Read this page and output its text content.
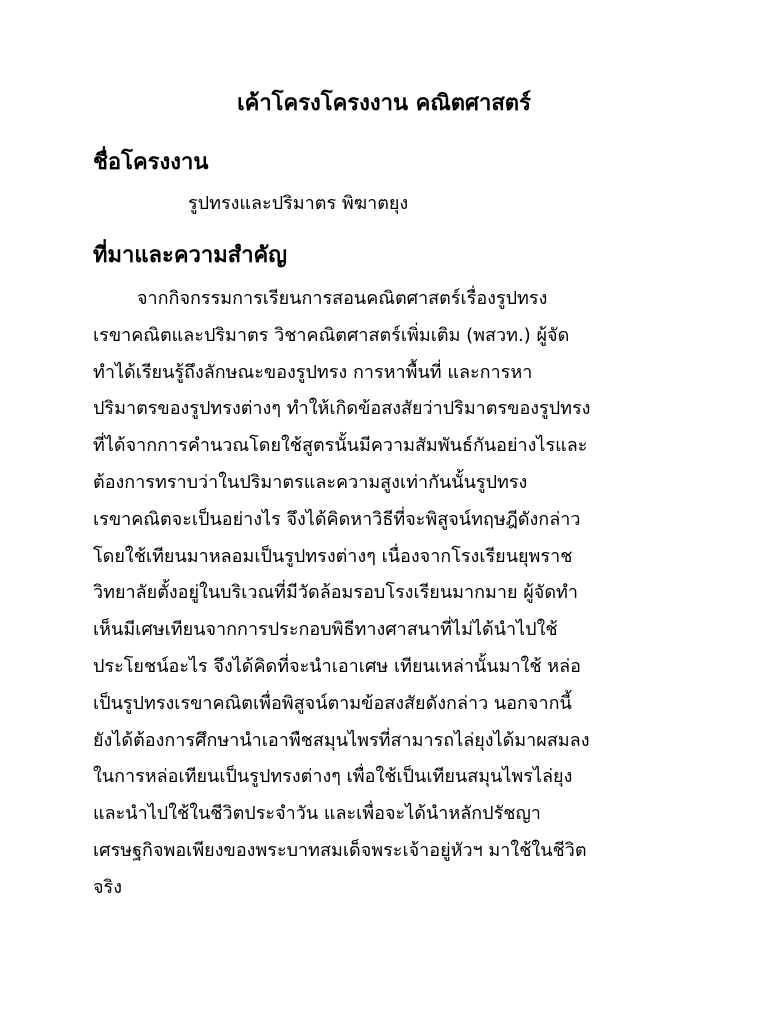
เค้าโครงโครงงาน คณิตศาสตร์
ชื่อโครงงาน
รูปทรงและปริมาตร พิฆาตยุง
ที่มาและความสำคัญ
จากกิจกรรมการเรียนการสอนคณิตศาสตร์เรื่องรูปทรง
เรขาคณิตและปริมาตร วิชาคณิตศาสตร์เพิ่มเติม (พสวท.) ผู้จัด
ทำได้เรียนรู้ถึงลักษณะของรูปทรง การหาพื้นที่ และการหา
ปริมาตรของรูปทรงต่างๆ ทำให้เกิดข้อสงสัยว่าปริมาตรของรูปทรง
ที่ได้จากการคำนวณโดยใช้สูตรนั้นมีความสัมพันธ์กันอย่างไรและ
ต้องการทราบว่าในปริมาตรและความสูงเท่ากันนั้นรูปทรง
เรขาคณิตจะเป็นอย่างไร จึงได้คิดหาวิธีที่จะพิสูจน์ทฤษฎีดังกล่าว
โดยใช้เทียนมาหลอมเป็นรูปทรงต่างๆ เนื่องจากโรงเรียนยุพราช
วิทยาลัยตั้งอยู่ในบริเวณที่มีวัดล้อมรอบโรงเรียนมากมาย ผู้จัดทำ
เห็นมีเศษเทียนจากการประกอบพิธีทางศาสนาที่ไม่ได้นำไปใช้
ประโยชน์อะไร จึงได้คิดที่จะนำเอาเศษ เทียนเหล่านั้นมาใช้ หล่อ
เป็นรูปทรงเรขาคณิตเพื่อพิสูจน์ตามข้อสงสัยดังกล่าว นอกจากนี้
ยังได้ต้องการศึกษานำเอาพืชสมุนไพรที่สามารถไล่ยุงได้มาผสมลง
ในการหล่อเทียนเป็นรูปทรงต่างๆ เพื่อใช้เป็นเทียนสมุนไพรไล่ยุง
และนำไปใช้ในชีวิตประจำวัน และเพื่อจะได้นำหลักปรัชญา
เศรษฐกิจพอเพียงของพระบาทสมเด็จพระเจ้าอยู่หัวฯ มาใช้ในชีวิต
จริง
